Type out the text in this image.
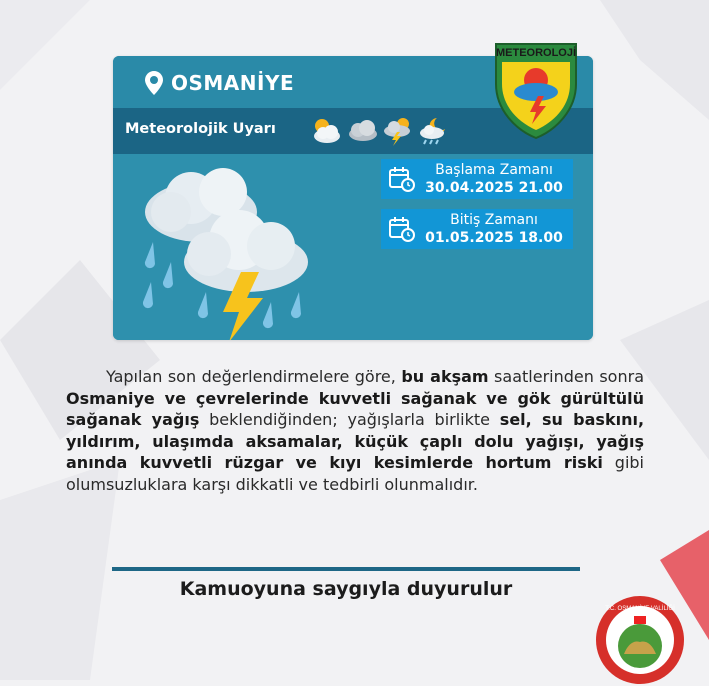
OSMANİYE
Meteorolojik Uyarı
Başlama Zamanı
30.04.2025 21.00
Bitiş Zamanı
01.05.2025 18.00
METEOROLOJİ
Yapılan son değerlendirmelere göre, bu akşam saatlerinden sonra Osmaniye ve çevrelerinde kuvvetli sağanak ve gök gürültülü sağanak yağış beklendiğinden; yağışlarla birlikte sel, su baskını, yıldırım, ulaşımda aksamalar, küçük çaplı dolu yağışı, yağış anında kuvvetli rüzgar ve kıyı kesimlerde hortum riski gibi olumsuzluklara karşı dikkatli ve tedbirli olunmalıdır.
Kamuoyuna saygıyla duyurulur
T.C. OSMANİYE VALİLİĞİ
